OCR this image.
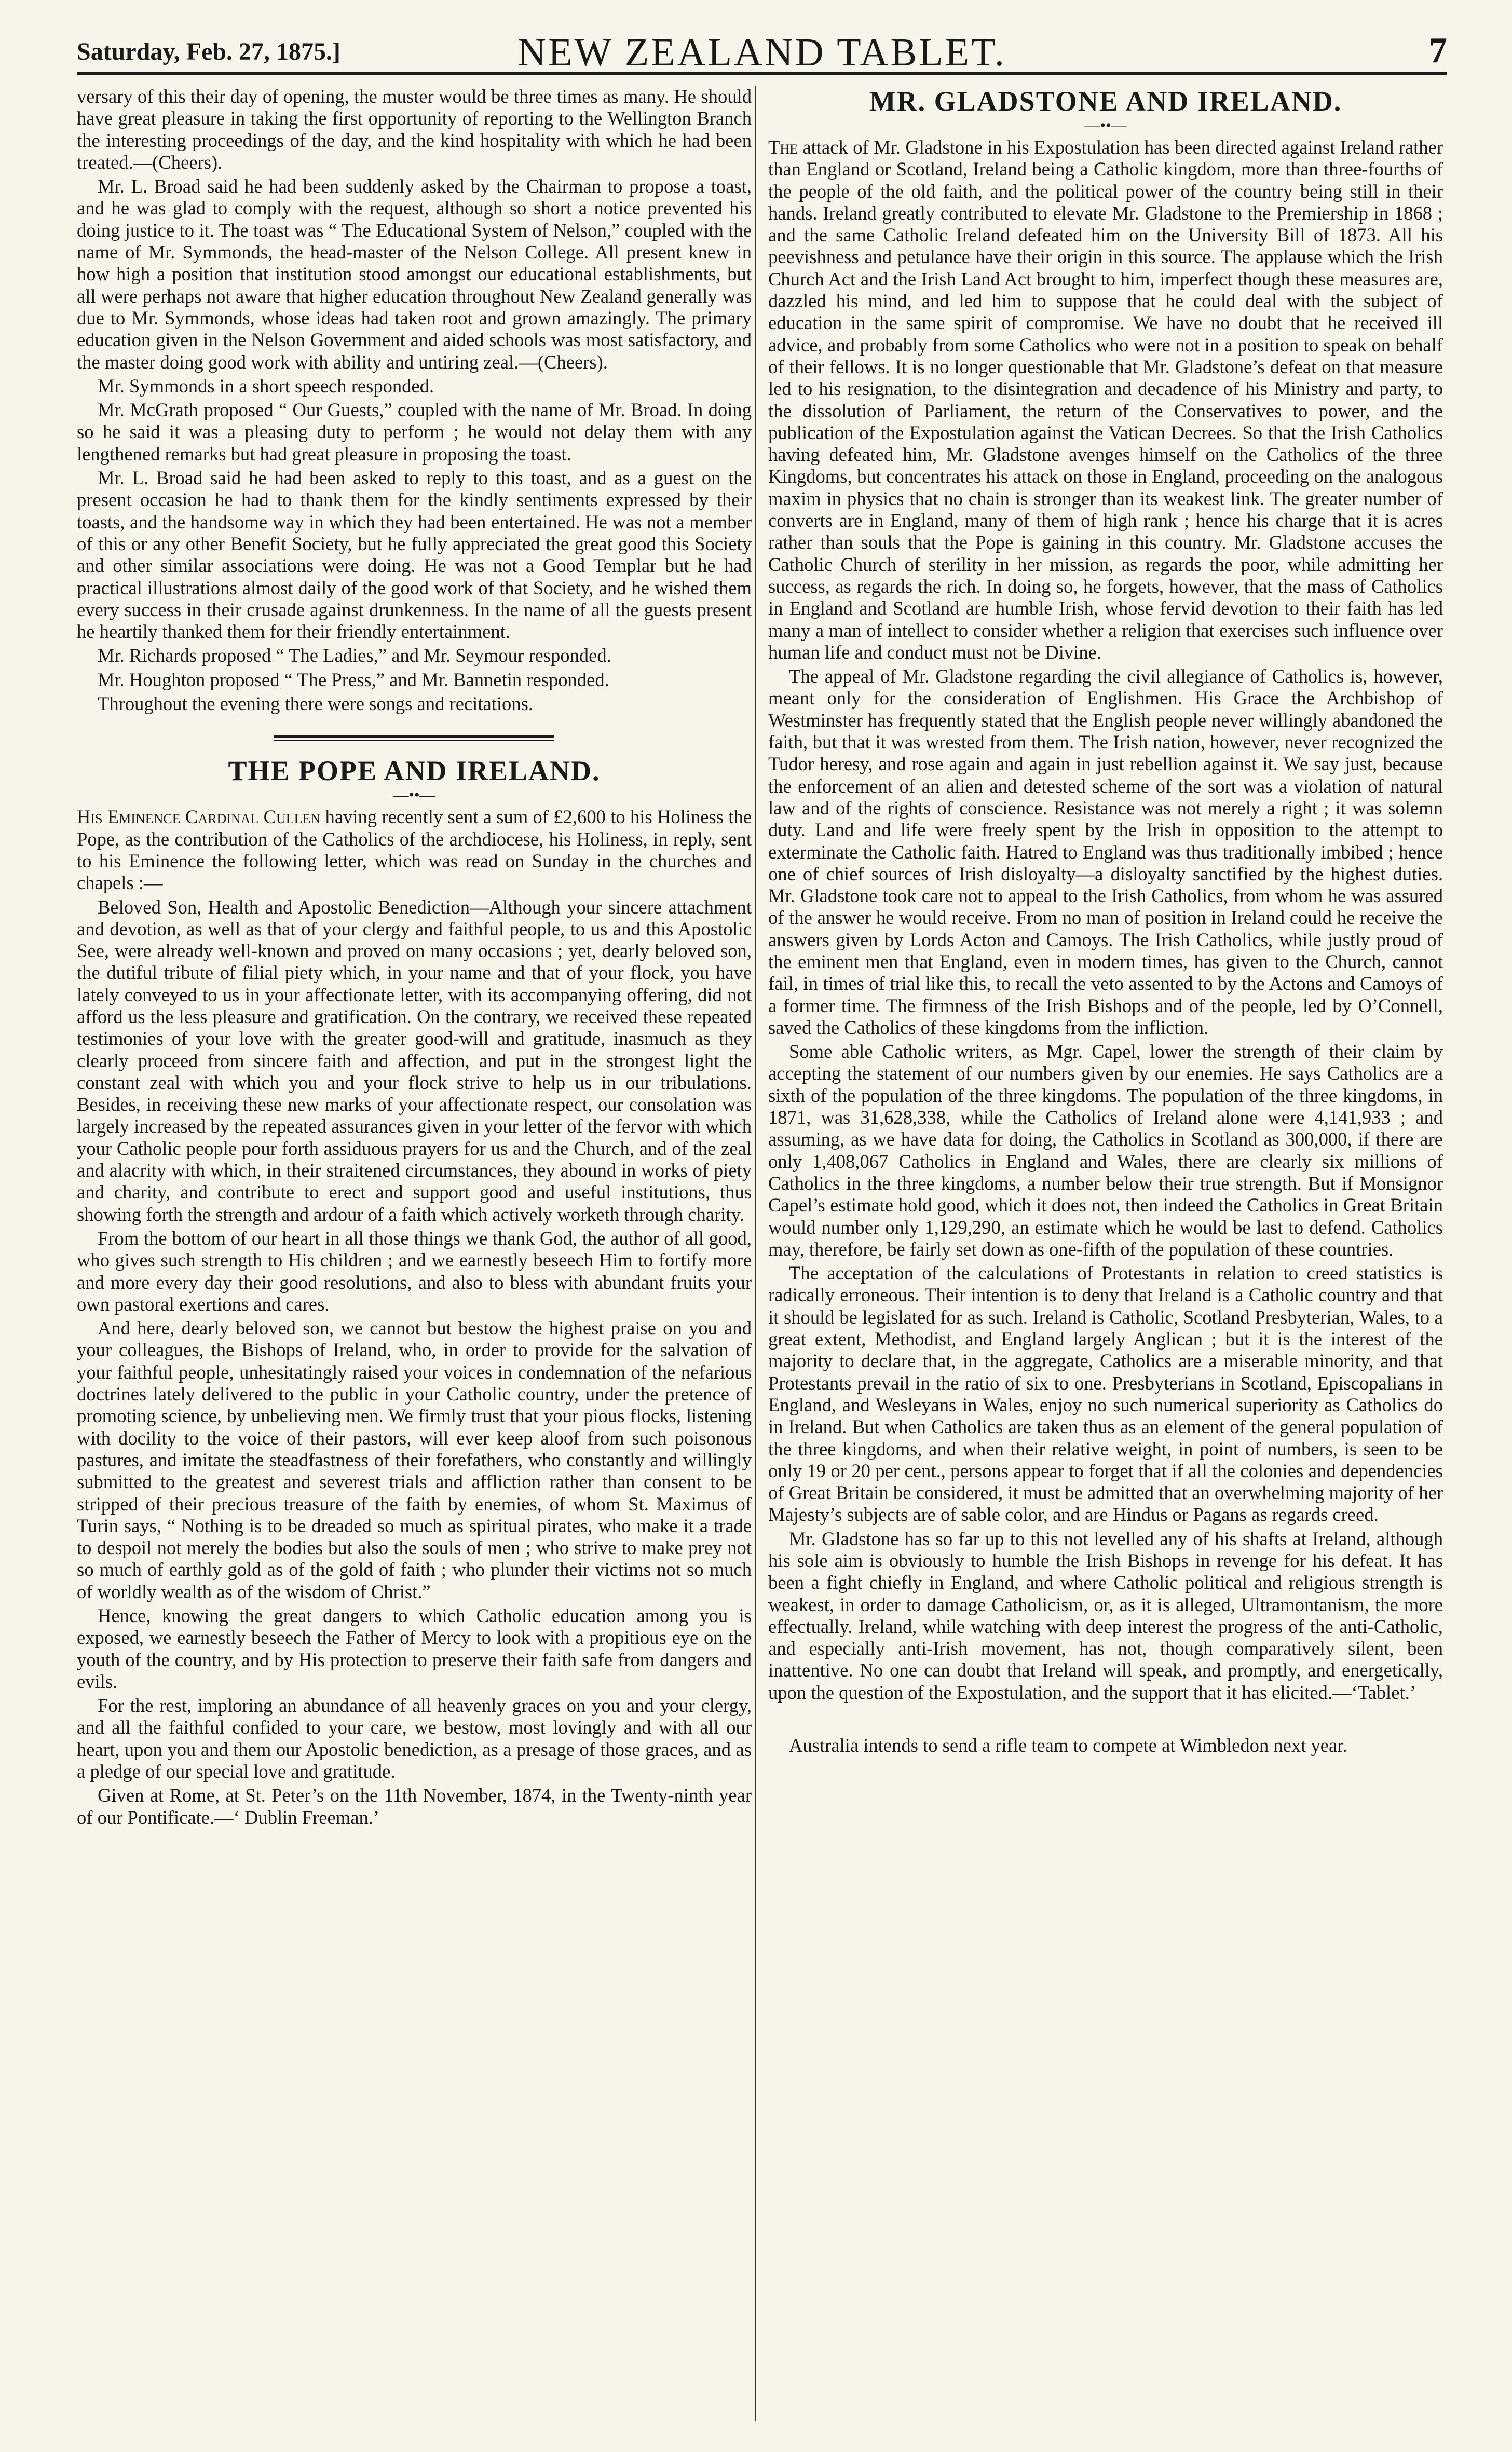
Saturday, Feb. 27, 1875.]	NEW ZEALAND TABLET.	7

versary of this their day of opening, the muster would be three times as many. He should have great pleasure in taking the first opportunity of reporting to the Wellington Branch the interesting proceedings of the day, and the kind hospitality with which he had been treated.—(Cheers).

Mr. L. Broad said he had been suddenly asked by the Chairman to propose a toast, and he was glad to comply with the request, although so short a notice prevented his doing justice to it. The toast was “ The Educational System of Nelson,” coupled with the name of Mr. Symmonds, the head-master of the Nelson College. All present knew in how high a position that institution stood amongst our educational establishments, but all were perhaps not aware that higher education throughout New Zealand generally was due to Mr. Symmonds, whose ideas had taken root and grown amazingly. The primary education given in the Nelson Government and aided schools was most satisfactory, and the master doing good work with ability and untiring zeal.—(Cheers).

Mr. Symmonds in a short speech responded.

Mr. McGrath proposed “ Our Guests,” coupled with the name of Mr. Broad. In doing so he said it was a pleasing duty to perform ; he would not delay them with any lengthened remarks but had great pleasure in proposing the toast.

Mr. L. Broad said he had been asked to reply to this toast, and as a guest on the present occasion he had to thank them for the kindly sentiments expressed by their toasts, and the handsome way in which they had been entertained. He was not a member of this or any other Benefit Society, but he fully appreciated the great good this Society and other similar associations were doing. He was not a Good Templar but he had practical illustrations almost daily of the good work of that Society, and he wished them every success in their crusade against drunkenness. In the name of all the guests present he heartily thanked them for their friendly entertainment.

Mr. Richards proposed “ The Ladies,” and Mr. Seymour responded.

Mr. Houghton proposed “ The Press,” and Mr. Bannetin responded.

Throughout the evening there were songs and recitations.

THE POPE AND IRELAND.
—••—

His Eminence Cardinal Cullen having recently sent a sum of £2,600 to his Holiness the Pope, as the contribution of the Catholics of the archdiocese, his Holiness, in reply, sent to his Eminence the following letter, which was read on Sunday in the churches and chapels :—

Beloved Son, Health and Apostolic Benediction—Although your sincere attachment and devotion, as well as that of your clergy and faithful people, to us and this Apostolic See, were already well-known and proved on many occasions ; yet, dearly beloved son, the dutiful tribute of filial piety which, in your name and that of your flock, you have lately conveyed to us in your affectionate letter, with its accompanying offering, did not afford us the less pleasure and gratification. On the contrary, we received these repeated testimonies of your love with the greater good-will and gratitude, inasmuch as they clearly proceed from sincere faith and affection, and put in the strongest light the constant zeal with which you and your flock strive to help us in our tribulations. Besides, in receiving these new marks of your affectionate respect, our consolation was largely increased by the repeated assurances given in your letter of the fervor with which your Catholic people pour forth assiduous prayers for us and the Church, and of the zeal and alacrity with which, in their straitened circumstances, they abound in works of piety and charity, and contribute to erect and support good and useful institutions, thus showing forth the strength and ardour of a faith which actively worketh through charity.

From the bottom of our heart in all those things we thank God, the author of all good, who gives such strength to His children ; and we earnestly beseech Him to fortify more and more every day their good resolutions, and also to bless with abundant fruits your own pastoral exertions and cares.

And here, dearly beloved son, we cannot but bestow the highest praise on you and your colleagues, the Bishops of Ireland, who, in order to provide for the salvation of your faithful people, unhesitatingly raised your voices in condemnation of the nefarious doctrines lately delivered to the public in your Catholic country, under the pretence of promoting science, by unbelieving men. We firmly trust that your pious flocks, listening with docility to the voice of their pastors, will ever keep aloof from such poisonous pastures, and imitate the steadfastness of their forefathers, who constantly and willingly submitted to the greatest and severest trials and affliction rather than consent to be stripped of their precious treasure of the faith by enemies, of whom St. Maximus of Turin says, “ Nothing is to be dreaded so much as spiritual pirates, who make it a trade to despoil not merely the bodies but also the souls of men ; who strive to make prey not so much of earthly gold as of the gold of faith ; who plunder their victims not so much of worldly wealth as of the wisdom of Christ.”

Hence, knowing the great dangers to which Catholic education among you is exposed, we earnestly beseech the Father of Mercy to look with a propitious eye on the youth of the country, and by His protection to preserve their faith safe from dangers and evils.

For the rest, imploring an abundance of all heavenly graces on you and your clergy, and all the faithful confided to your care, we bestow, most lovingly and with all our heart, upon you and them our Apostolic benediction, as a presage of those graces, and as a pledge of our special love and gratitude.

Given at Rome, at St. Peter’s on the 11th November, 1874, in the Twenty-ninth year of our Pontificate.—‘ Dublin Freeman.’

MR. GLADSTONE AND IRELAND.
—••—

The attack of Mr. Gladstone in his Expostulation has been directed against Ireland rather than England or Scotland, Ireland being a Catholic kingdom, more than three-fourths of the people of the old faith, and the political power of the country being still in their hands. Ireland greatly contributed to elevate Mr. Gladstone to the Premiership in 1868 ; and the same Catholic Ireland defeated him on the University Bill of 1873. All his peevishness and petulance have their origin in this source. The applause which the Irish Church Act and the Irish Land Act brought to him, imperfect though these measures are, dazzled his mind, and led him to suppose that he could deal with the subject of education in the same spirit of compromise. We have no doubt that he received ill advice, and probably from some Catholics who were not in a position to speak on behalf of their fellows. It is no longer questionable that Mr. Gladstone’s defeat on that measure led to his resignation, to the disintegration and decadence of his Ministry and party, to the dissolution of Parliament, the return of the Conservatives to power, and the publication of the Expostulation against the Vatican Decrees. So that the Irish Catholics having defeated him, Mr. Gladstone avenges himself on the Catholics of the three Kingdoms, but concentrates his attack on those in England, proceeding on the analogous maxim in physics that no chain is stronger than its weakest link. The greater number of converts are in England, many of them of high rank ; hence his charge that it is acres rather than souls that the Pope is gaining in this country. Mr. Gladstone accuses the Catholic Church of sterility in her mission, as regards the poor, while admitting her success, as regards the rich. In doing so, he forgets, however, that the mass of Catholics in England and Scotland are humble Irish, whose fervid devotion to their faith has led many a man of intellect to consider whether a religion that exercises such influence over human life and conduct must not be Divine.

The appeal of Mr. Gladstone regarding the civil allegiance of Catholics is, however, meant only for the consideration of Englishmen. His Grace the Archbishop of Westminster has frequently stated that the English people never willingly abandoned the faith, but that it was wrested from them. The Irish nation, however, never recognized the Tudor heresy, and rose again and again in just rebellion against it. We say just, because the enforcement of an alien and detested scheme of the sort was a violation of natural law and of the rights of conscience. Resistance was not merely a right ; it was solemn duty. Land and life were freely spent by the Irish in opposition to the attempt to exterminate the Catholic faith. Hatred to England was thus traditionally imbibed ; hence one of chief sources of Irish disloyalty—a disloyalty sanctified by the highest duties. Mr. Gladstone took care not to appeal to the Irish Catholics, from whom he was assured of the answer he would receive. From no man of position in Ireland could he receive the answers given by Lords Acton and Camoys. The Irish Catholics, while justly proud of the eminent men that England, even in modern times, has given to the Church, cannot fail, in times of trial like this, to recall the veto assented to by the Actons and Camoys of a former time. The firmness of the Irish Bishops and of the people, led by O’Connell, saved the Catholics of these kingdoms from the infliction.

Some able Catholic writers, as Mgr. Capel, lower the strength of their claim by accepting the statement of our numbers given by our enemies. He says Catholics are a sixth of the population of the three kingdoms. The population of the three kingdoms, in 1871, was 31,628,338, while the Catholics of Ireland alone were 4,141,933 ; and assuming, as we have data for doing, the Catholics in Scotland as 300,000, if there are only 1,408,067 Catholics in England and Wales, there are clearly six millions of Catholics in the three kingdoms, a number below their true strength. But if Monsignor Capel’s estimate hold good, which it does not, then indeed the Catholics in Great Britain would number only 1,129,290, an estimate which he would be last to defend. Catholics may, therefore, be fairly set down as one-fifth of the population of these countries.

The acceptation of the calculations of Protestants in relation to creed statistics is radically erroneous. Their intention is to deny that Ireland is a Catholic country and that it should be legislated for as such. Ireland is Catholic, Scotland Presbyterian, Wales, to a great extent, Methodist, and England largely Anglican ; but it is the interest of the majority to declare that, in the aggregate, Catholics are a miserable minority, and that Protestants prevail in the ratio of six to one. Presbyterians in Scotland, Episcopalians in England, and Wesleyans in Wales, enjoy no such numerical superiority as Catholics do in Ireland. But when Catholics are taken thus as an element of the general population of the three kingdoms, and when their relative weight, in point of numbers, is seen to be only 19 or 20 per cent., persons appear to forget that if all the colonies and dependencies of Great Britain be considered, it must be admitted that an overwhelming majority of her Majesty’s subjects are of sable color, and are Hindus or Pagans as regards creed.

Mr. Gladstone has so far up to this not levelled any of his shafts at Ireland, although his sole aim is obviously to humble the Irish Bishops in revenge for his defeat. It has been a fight chiefly in England, and where Catholic political and religious strength is weakest, in order to damage Catholicism, or, as it is alleged, Ultramontanism, the more effectually. Ireland, while watching with deep interest the progress of the anti-Catholic, and especially anti-Irish movement, has not, though comparatively silent, been inattentive. No one can doubt that Ireland will speak, and promptly, and energetically, upon the question of the Expostulation, and the support that it has elicited.—‘Tablet.’

Australia intends to send a rifle team to compete at Wimbledon next year.
